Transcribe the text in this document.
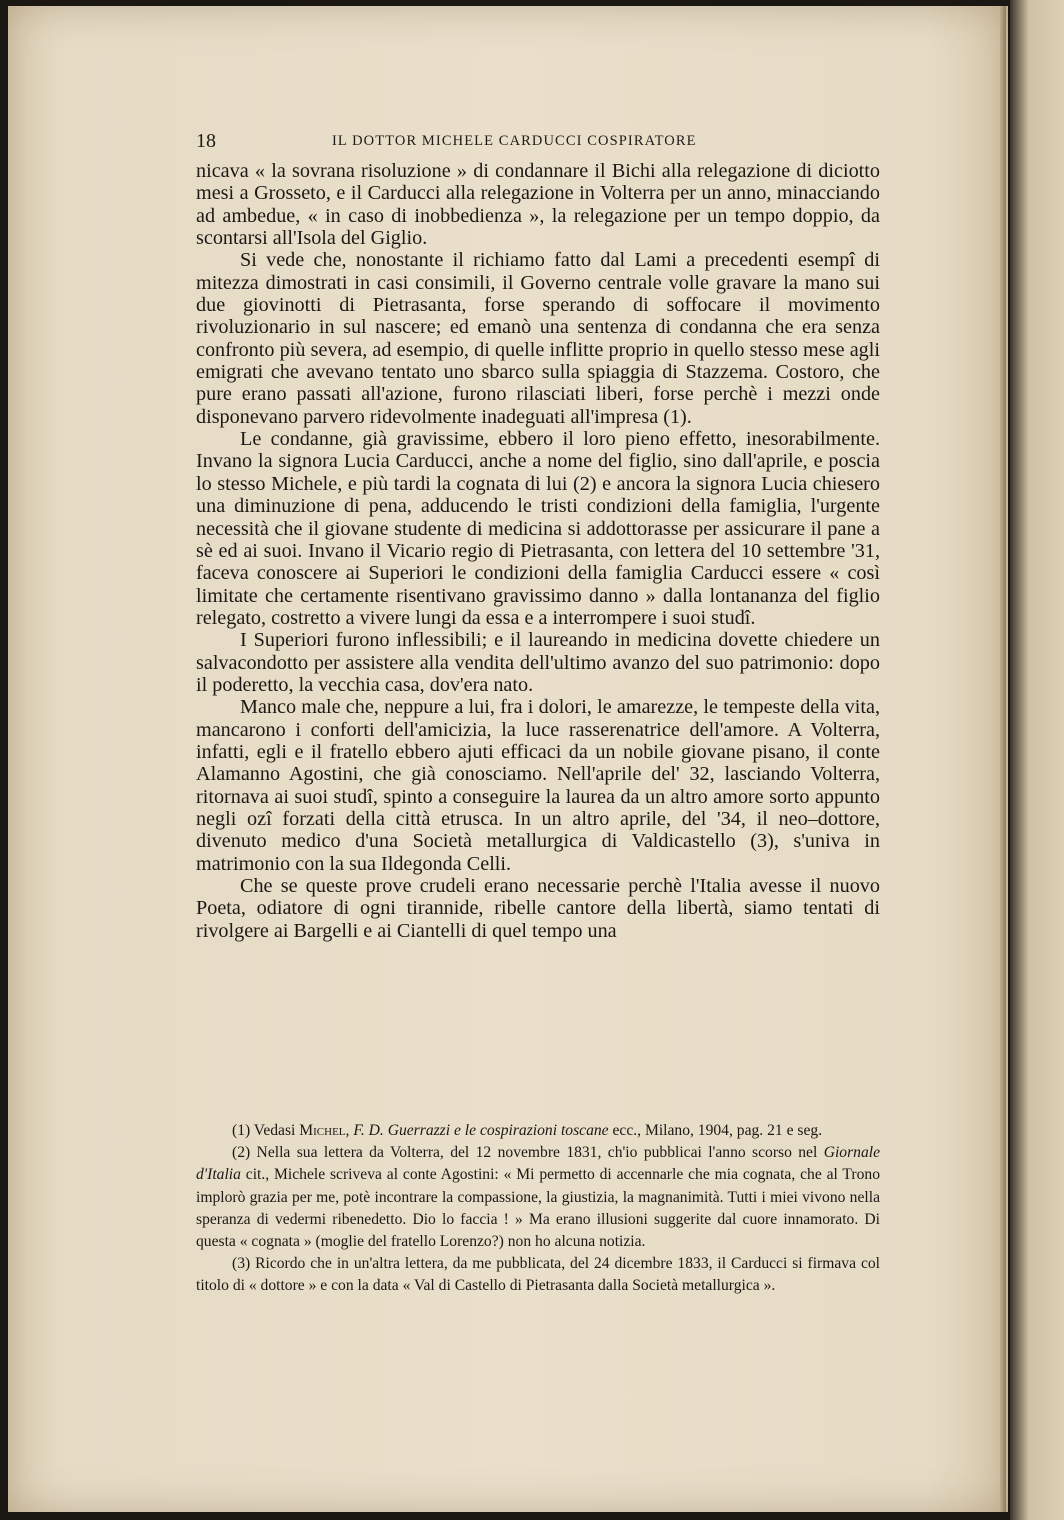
18	IL DOTTOR MICHELE CARDUCCI COSPIRATORE

nicava « la sovrana risoluzione » di condannare il Bichi alla relegazione di diciotto mesi a Grosseto, e il Carducci alla relegazione in Volterra per un anno, minacciando ad ambedue, « in caso di inobbedienza », la relegazione per un tempo doppio, da scontarsi all'Isola del Giglio.

Si vede che, nonostante il richiamo fatto dal Lami a precedenti esempî di mitezza dimostrati in casi consimili, il Governo centrale volle gravare la mano sui due giovinotti di Pietrasanta, forse sperando di soffocare il movimento rivoluzionario in sul nascere; ed emanò una sentenza di condanna che era senza confronto più severa, ad esempio, di quelle inflitte proprio in quello stesso mese agli emigrati che avevano tentato uno sbarco sulla spiaggia di Stazzema. Costoro, che pure erano passati all'azione, furono rilasciati liberi, forse perchè i mezzi onde disponevano parvero ridevolmente inadeguati all'impresa (1).

Le condanne, già gravissime, ebbero il loro pieno effetto, inesorabilmente. Invano la signora Lucia Carducci, anche a nome del figlio, sino dall'aprile, e poscia lo stesso Michele, e più tardi la cognata di lui (2) e ancora la signora Lucia chiesero una diminuzione di pena, adducendo le tristi condizioni della famiglia, l'urgente necessità che il giovane studente di medicina si addottorasse per assicurare il pane a sè ed ai suoi. Invano il Vicario regio di Pietrasanta, con lettera del 10 settembre '31, faceva conoscere ai Superiori le condizioni della famiglia Carducci essere « così limitate che certamente risentivano gravissimo danno » dalla lontananza del figlio relegato, costretto a vivere lungi da essa e a interrompere i suoi studî.

I Superiori furono inflessibili; e il laureando in medicina dovette chiedere un salvacondotto per assistere alla vendita dell'ultimo avanzo del suo patrimonio: dopo il poderetto, la vecchia casa, dov'era nato.

Manco male che, neppure a lui, fra i dolori, le amarezze, le tempeste della vita, mancarono i conforti dell'amicizia, la luce rasserenatrice dell'amore. A Volterra, infatti, egli e il fratello ebbero ajuti efficaci da un nobile giovane pisano, il conte Alamanno Agostini, che già conosciamo. Nell'aprile del' 32, lasciando Volterra, ritornava ai suoi studî, spinto a conseguire la laurea da un altro amore sorto appunto negli ozî forzati della città etrusca. In un altro aprile, del '34, il neo–dottore, divenuto medico d'una Società metallurgica di Valdicastello (3), s'univa in matrimonio con la sua Ildegonda Celli.

Che se queste prove crudeli erano necessarie perchè l'Italia avesse il nuovo Poeta, odiatore di ogni tirannide, ribelle cantore della libertà, siamo tentati di rivolgere ai Bargelli e ai Ciantelli di quel tempo una

(1) Vedasi Michel, F. D. Guerrazzi e le cospirazioni toscane ecc., Milano, 1904, pag. 21 e seg.

(2) Nella sua lettera da Volterra, del 12 novembre 1831, ch'io pubblicai l'anno scorso nel Giornale d'Italia cit., Michele scriveva al conte Agostini: « Mi permetto di accennarle che mia cognata, che al Trono implorò grazia per me, potè incontrare la compassione, la giustizia, la magnanimità. Tutti i miei vivono nella speranza di vedermi ribenedetto. Dio lo faccia ! » Ma erano illusioni suggerite dal cuore innamorato. Di questa « cognata » (moglie del fratello Lorenzo?) non ho alcuna notizia.

(3) Ricordo che in un'altra lettera, da me pubblicata, del 24 dicembre 1833, il Carducci si firmava col titolo di « dottore » e con la data « Val di Castello di Pietrasanta dalla Società metallurgica ».
